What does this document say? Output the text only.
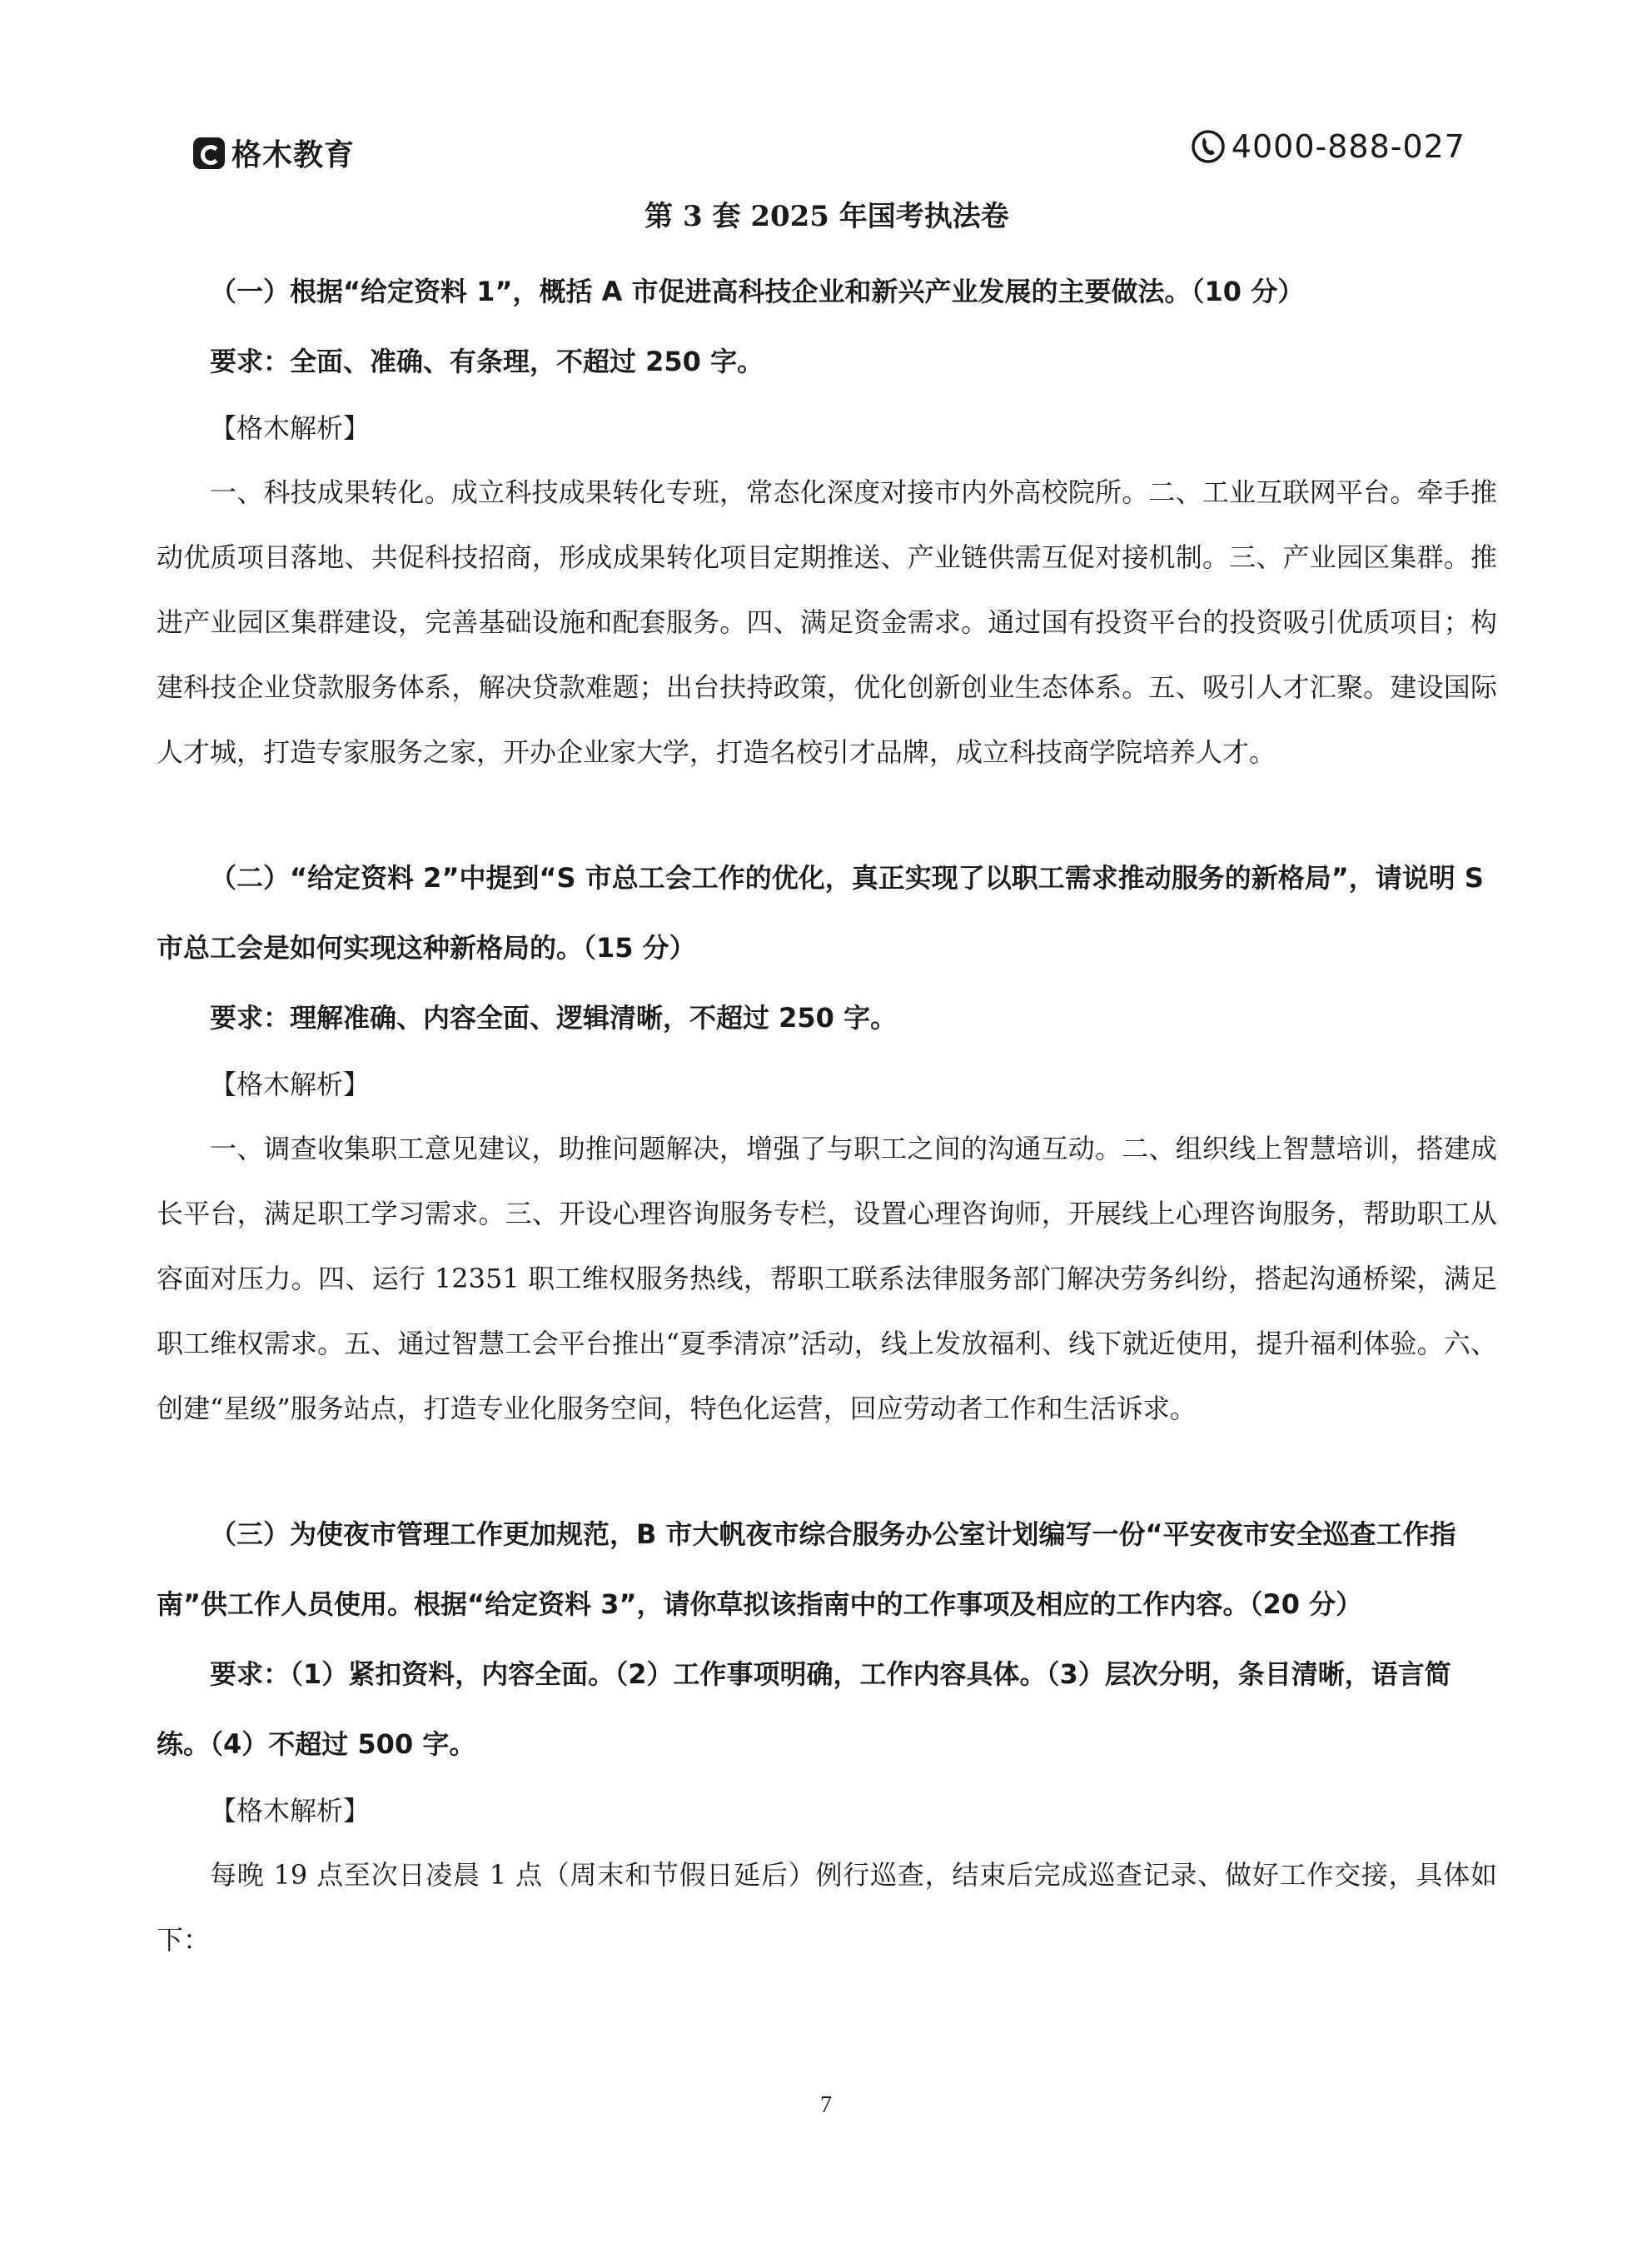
格木教育	4000-888-027

第 3 套 2025 年国考执法卷

（一）根据“给定资料 1”，概括 A 市促进高科技企业和新兴产业发展的主要做法。（10 分）

要求：全面、准确、有条理，不超过 250 字。

【格木解析】

一、科技成果转化。成立科技成果转化专班，常态化深度对接市内外高校院所。二、工业互联网平台。牵手推动优质项目落地、共促科技招商，形成成果转化项目定期推送、产业链供需互促对接机制。三、产业园区集群。推进产业园区集群建设，完善基础设施和配套服务。四、满足资金需求。通过国有投资平台的投资吸引优质项目；构建科技企业贷款服务体系，解决贷款难题；出台扶持政策，优化创新创业生态体系。五、吸引人才汇聚。建设国际人才城，打造专家服务之家，开办企业家大学，打造名校引才品牌，成立科技商学院培养人才。

（二）“给定资料 2”中提到“S 市总工会工作的优化，真正实现了以职工需求推动服务的新格局”，请说明 S 市总工会是如何实现这种新格局的。（15 分）

要求：理解准确、内容全面、逻辑清晰，不超过 250 字。

【格木解析】

一、调查收集职工意见建议，助推问题解决，增强了与职工之间的沟通互动。二、组织线上智慧培训，搭建成长平台，满足职工学习需求。三、开设心理咨询服务专栏，设置心理咨询师，开展线上心理咨询服务，帮助职工从容面对压力。四、运行 12351 职工维权服务热线，帮职工联系法律服务部门解决劳务纠纷，搭起沟通桥梁，满足职工维权需求。五、通过智慧工会平台推出“夏季清凉”活动，线上发放福利、线下就近使用，提升福利体验。六、创建“星级”服务站点，打造专业化服务空间，特色化运营，回应劳动者工作和生活诉求。

（三）为使夜市管理工作更加规范，B 市大帆夜市综合服务办公室计划编写一份“平安夜市安全巡查工作指南”供工作人员使用。根据“给定资料 3”，请你草拟该指南中的工作事项及相应的工作内容。（20 分）

要求：（1）紧扣资料，内容全面。（2）工作事项明确，工作内容具体。（3）层次分明，条目清晰，语言简练。（4）不超过 500 字。

【格木解析】

每晚 19 点至次日凌晨 1 点（周末和节假日延后）例行巡查，结束后完成巡查记录、做好工作交接，具体如下：

7
